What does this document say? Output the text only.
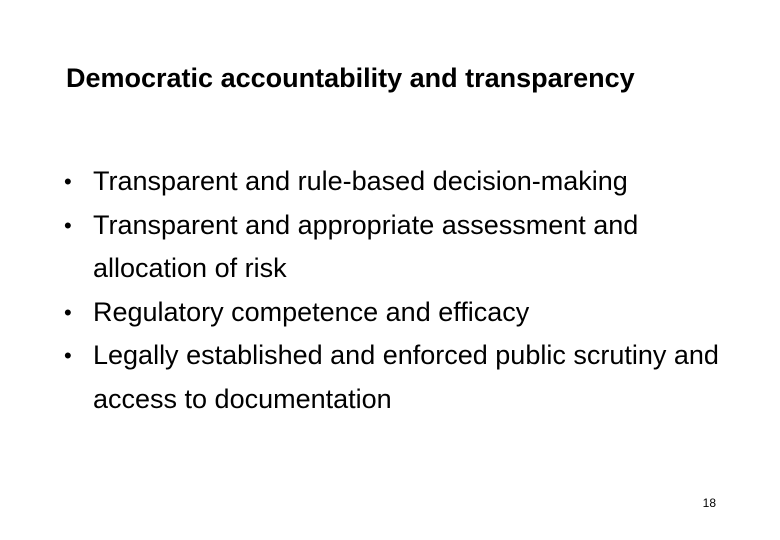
Democratic accountability and transparency
• Transparent and rule-based decision-making
• Transparent and appropriate assessment and allocation of risk
• Regulatory competence and efficacy
• Legally established and enforced public scrutiny and access to documentation
18
